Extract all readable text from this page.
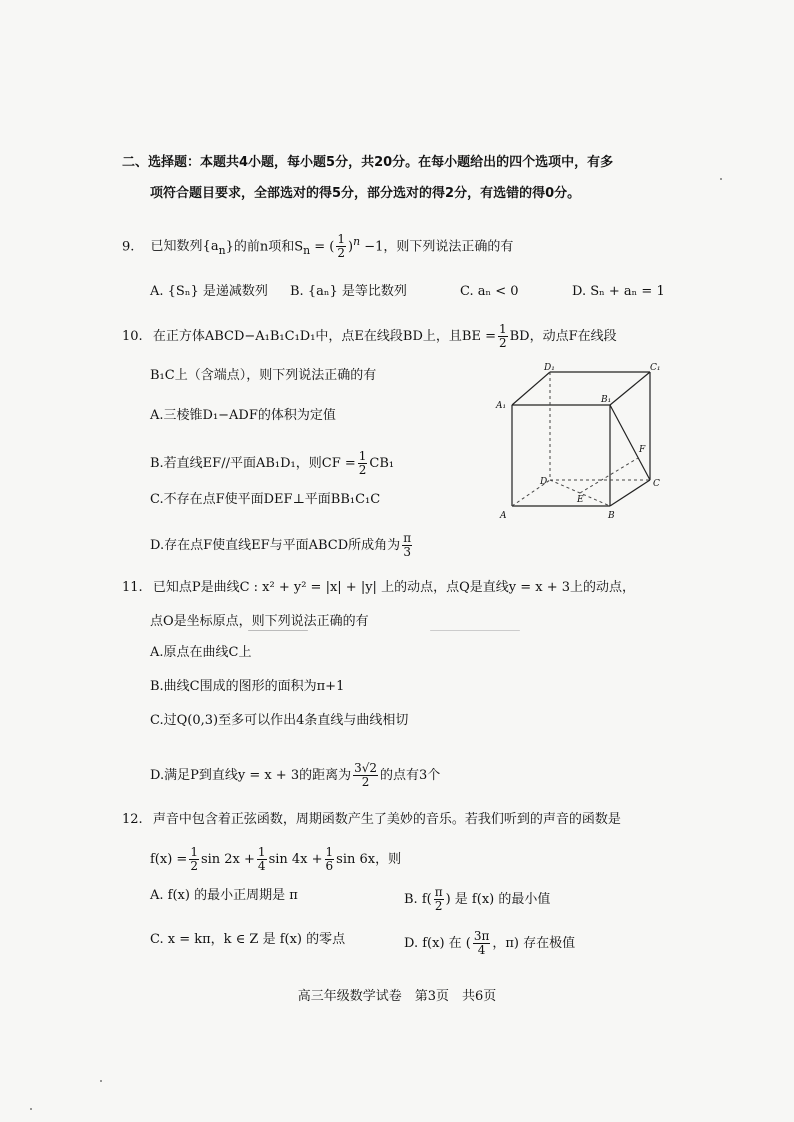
二、选择题：本题共4小题，每小题5分，共20分。在每小题给出的四个选项中，有多
项符合题目要求，全部选对的得5分，部分选对的得2分，有选错的得0分。
9. 已知数列$\{a_n\}$的前n项和$S_n$ = ( $\frac{1}{2} )^n -1$，则下列说法正确的有
A. {Sₙ} 是递减数列 B. {aₙ} 是等比数列	C. aₙ < 0	D. Sₙ + aₙ = 1
10. 在正方体ABCD−A₁B₁C₁D₁中，点E在线段BD上，且BE = $\frac{1}{2}$ BD，动点F在线段
B₁C上（含端点），则下列说法正确的有
A.三棱锥D₁−ADF的体积为定值
B.若直线EF//平面AB₁D₁，则CF = $\frac{1}{2} CB_1$
C.不存在点F使平面DEF⊥平面BB₁C₁C
D.存在点F使直线EF与平面ABCD所成角为 $\frac{\pi}{3}$
D₁	C₁
A₁
B₁
F
D	C
E
A	B
11. 已知点P是曲线C : x² + y² = |x| + |y| 上的动点，点Q是直线y = x + 3上的动点，
点O是坐标原点，则下列说法正确的有
A.原点在曲线C上
B.曲线C围成的图形的面积为π+1
C.过Q(0,3)至多可以作出4条直线与曲线相切
D.满足P到直线y = x + 3的距离为 $\frac{3√2}{2}$ 的点有3个
12. 声音中包含着正弦函数，周期函数产生了美妙的音乐。若我们听到的声音的函数是
$f(x) = \frac{1}{2}$ $\sin 2x + \frac{1}{4}$ $\sin 4x + \frac{1}{6}$ sin 6x，则
A. f(x) 的最小正周期是 π	B. $f( \frac{\pi}{2}$ ) 是 f(x) 的最小值
C. x = kπ，k ∈ Z 是 f(x) 的零点	D. f(x) 在 ( $\frac{3\pi}{4}$ ，π) 存在极值
高三年级数学试卷　第3页　共6页
